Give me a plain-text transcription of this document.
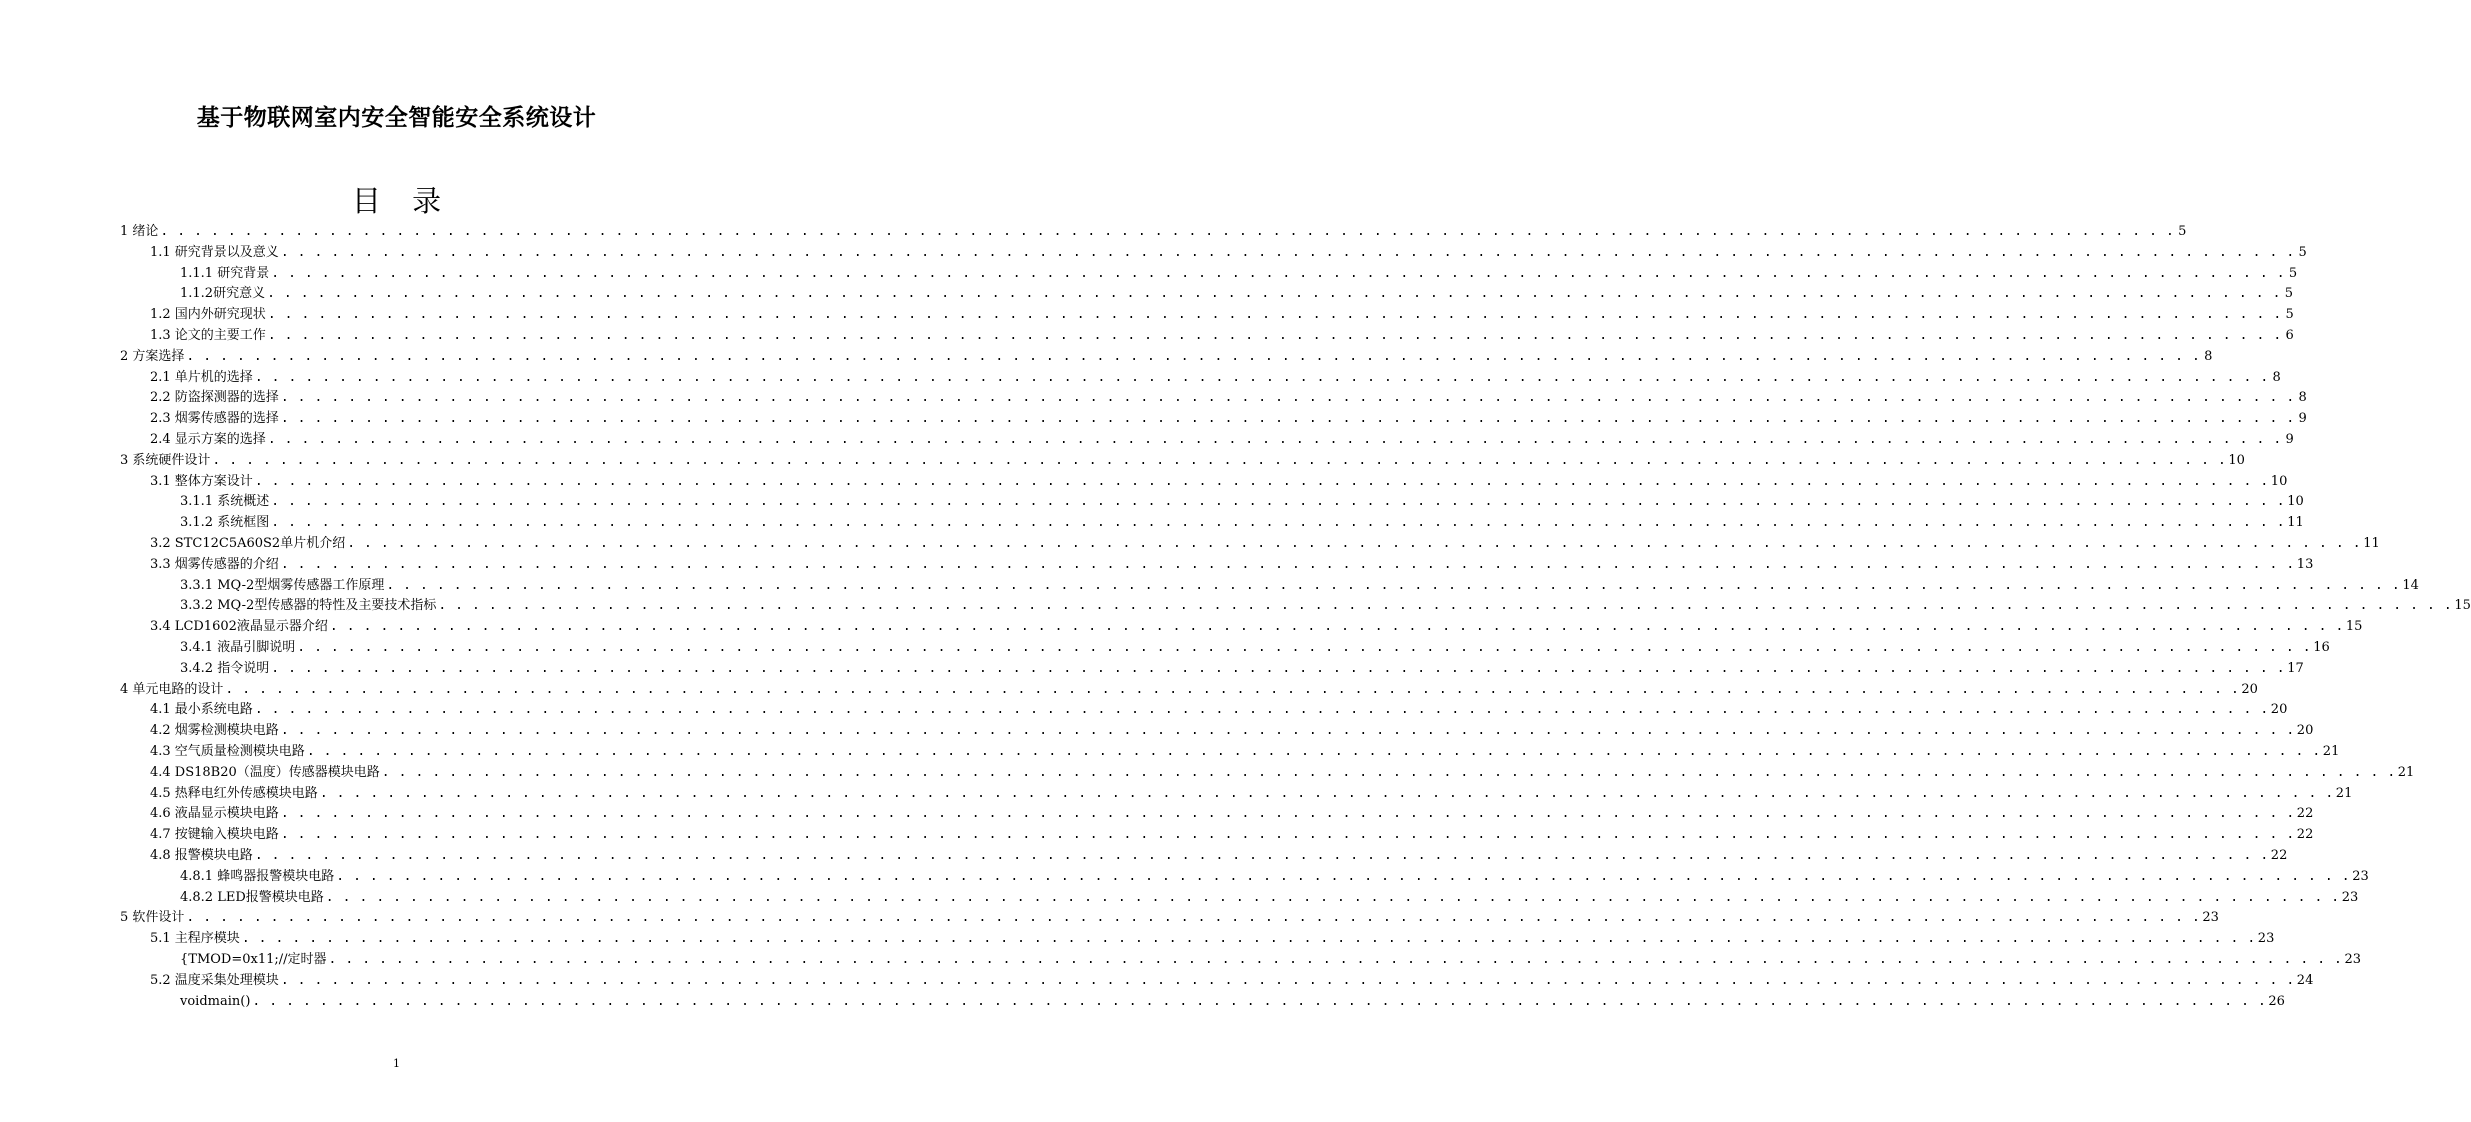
基于物联网室内安全智能安全系统设计
目 录
1 绪论 . . . . . . . . . . . . . . . . . . . . . . . . . . . . . . . . . . . . . . . . . . . . . . . . . . . . . . . . . . . . . . . . . . . . . . . . . . . . . . . . . . . . . . . . . . . . . . . . . . . . . . . . . . . . . . . . . . . . . . . . 5
1.1 研究背景以及意义 . . . . . . . . . . . . . . . . . . . . . . . . . . . . . . . . . . . . . . . . . . . . . . . . . . . . . . . . . . . . . . . . . . . . . . . . . . . . . . . . . . . . . . . . . . . . . . . . . . . . . . . . . . . . . . . . . . . . . . . . 5
1.1.1 研究背景 . . . . . . . . . . . . . . . . . . . . . . . . . . . . . . . . . . . . . . . . . . . . . . . . . . . . . . . . . . . . . . . . . . . . . . . . . . . . . . . . . . . . . . . . . . . . . . . . . . . . . . . . . . . . . . . . . . . . . . . . 5
1.1.2研究意义 . . . . . . . . . . . . . . . . . . . . . . . . . . . . . . . . . . . . . . . . . . . . . . . . . . . . . . . . . . . . . . . . . . . . . . . . . . . . . . . . . . . . . . . . . . . . . . . . . . . . . . . . . . . . . . . . . . . . . . . . 5
1.2 国内外研究现状 . . . . . . . . . . . . . . . . . . . . . . . . . . . . . . . . . . . . . . . . . . . . . . . . . . . . . . . . . . . . . . . . . . . . . . . . . . . . . . . . . . . . . . . . . . . . . . . . . . . . . . . . . . . . . . . . . . . . . . . . 5
1.3 论文的主要工作 . . . . . . . . . . . . . . . . . . . . . . . . . . . . . . . . . . . . . . . . . . . . . . . . . . . . . . . . . . . . . . . . . . . . . . . . . . . . . . . . . . . . . . . . . . . . . . . . . . . . . . . . . . . . . . . . . . . . . . . . 6
2 方案选择 . . . . . . . . . . . . . . . . . . . . . . . . . . . . . . . . . . . . . . . . . . . . . . . . . . . . . . . . . . . . . . . . . . . . . . . . . . . . . . . . . . . . . . . . . . . . . . . . . . . . . . . . . . . . . . . . . . . . . . . . 8
2.1 单片机的选择 . . . . . . . . . . . . . . . . . . . . . . . . . . . . . . . . . . . . . . . . . . . . . . . . . . . . . . . . . . . . . . . . . . . . . . . . . . . . . . . . . . . . . . . . . . . . . . . . . . . . . . . . . . . . . . . . . . . . . . . . 8
2.2 防盗探测器的选择 . . . . . . . . . . . . . . . . . . . . . . . . . . . . . . . . . . . . . . . . . . . . . . . . . . . . . . . . . . . . . . . . . . . . . . . . . . . . . . . . . . . . . . . . . . . . . . . . . . . . . . . . . . . . . . . . . . . . . . . . 8
2.3 烟雾传感器的选择 . . . . . . . . . . . . . . . . . . . . . . . . . . . . . . . . . . . . . . . . . . . . . . . . . . . . . . . . . . . . . . . . . . . . . . . . . . . . . . . . . . . . . . . . . . . . . . . . . . . . . . . . . . . . . . . . . . . . . . . . 9
2.4 显示方案的选择 . . . . . . . . . . . . . . . . . . . . . . . . . . . . . . . . . . . . . . . . . . . . . . . . . . . . . . . . . . . . . . . . . . . . . . . . . . . . . . . . . . . . . . . . . . . . . . . . . . . . . . . . . . . . . . . . . . . . . . . . 9
3 系统硬件设计 . . . . . . . . . . . . . . . . . . . . . . . . . . . . . . . . . . . . . . . . . . . . . . . . . . . . . . . . . . . . . . . . . . . . . . . . . . . . . . . . . . . . . . . . . . . . . . . . . . . . . . . . . . . . . . . . . . . . . . . . 10
3.1 整体方案设计 . . . . . . . . . . . . . . . . . . . . . . . . . . . . . . . . . . . . . . . . . . . . . . . . . . . . . . . . . . . . . . . . . . . . . . . . . . . . . . . . . . . . . . . . . . . . . . . . . . . . . . . . . . . . . . . . . . . . . . . . 10
3.1.1 系统概述 . . . . . . . . . . . . . . . . . . . . . . . . . . . . . . . . . . . . . . . . . . . . . . . . . . . . . . . . . . . . . . . . . . . . . . . . . . . . . . . . . . . . . . . . . . . . . . . . . . . . . . . . . . . . . . . . . . . . . . . . 10
3.1.2 系统框图 . . . . . . . . . . . . . . . . . . . . . . . . . . . . . . . . . . . . . . . . . . . . . . . . . . . . . . . . . . . . . . . . . . . . . . . . . . . . . . . . . . . . . . . . . . . . . . . . . . . . . . . . . . . . . . . . . . . . . . . . 11
3.2 STC12C5A60S2单片机介绍 . . . . . . . . . . . . . . . . . . . . . . . . . . . . . . . . . . . . . . . . . . . . . . . . . . . . . . . . . . . . . . . . . . . . . . . . . . . . . . . . . . . . . . . . . . . . . . . . . . . . . . . . . . . . . . . . . . . . . . . . 11
3.3 烟雾传感器的介绍 . . . . . . . . . . . . . . . . . . . . . . . . . . . . . . . . . . . . . . . . . . . . . . . . . . . . . . . . . . . . . . . . . . . . . . . . . . . . . . . . . . . . . . . . . . . . . . . . . . . . . . . . . . . . . . . . . . . . . . . . 13
3.3.1 MQ-2型烟雾传感器工作原理 . . . . . . . . . . . . . . . . . . . . . . . . . . . . . . . . . . . . . . . . . . . . . . . . . . . . . . . . . . . . . . . . . . . . . . . . . . . . . . . . . . . . . . . . . . . . . . . . . . . . . . . . . . . . . . . . . . . . . . . . 14
3.3.2 MQ-2型传感器的特性及主要技术指标 . . . . . . . . . . . . . . . . . . . . . . . . . . . . . . . . . . . . . . . . . . . . . . . . . . . . . . . . . . . . . . . . . . . . . . . . . . . . . . . . . . . . . . . . . . . . . . . . . . . . . . . . . . . . . . . . . . . . . . . . 15
3.4 LCD1602液晶显示器介绍 . . . . . . . . . . . . . . . . . . . . . . . . . . . . . . . . . . . . . . . . . . . . . . . . . . . . . . . . . . . . . . . . . . . . . . . . . . . . . . . . . . . . . . . . . . . . . . . . . . . . . . . . . . . . . . . . . . . . . . . . 15
3.4.1 液晶引脚说明 . . . . . . . . . . . . . . . . . . . . . . . . . . . . . . . . . . . . . . . . . . . . . . . . . . . . . . . . . . . . . . . . . . . . . . . . . . . . . . . . . . . . . . . . . . . . . . . . . . . . . . . . . . . . . . . . . . . . . . . . 16
3.4.2 指令说明 . . . . . . . . . . . . . . . . . . . . . . . . . . . . . . . . . . . . . . . . . . . . . . . . . . . . . . . . . . . . . . . . . . . . . . . . . . . . . . . . . . . . . . . . . . . . . . . . . . . . . . . . . . . . . . . . . . . . . . . . 17
4 单元电路的设计 . . . . . . . . . . . . . . . . . . . . . . . . . . . . . . . . . . . . . . . . . . . . . . . . . . . . . . . . . . . . . . . . . . . . . . . . . . . . . . . . . . . . . . . . . . . . . . . . . . . . . . . . . . . . . . . . . . . . . . . . 20
4.1 最小系统电路 . . . . . . . . . . . . . . . . . . . . . . . . . . . . . . . . . . . . . . . . . . . . . . . . . . . . . . . . . . . . . . . . . . . . . . . . . . . . . . . . . . . . . . . . . . . . . . . . . . . . . . . . . . . . . . . . . . . . . . . . 20
4.2 烟雾检测模块电路 . . . . . . . . . . . . . . . . . . . . . . . . . . . . . . . . . . . . . . . . . . . . . . . . . . . . . . . . . . . . . . . . . . . . . . . . . . . . . . . . . . . . . . . . . . . . . . . . . . . . . . . . . . . . . . . . . . . . . . . . 20
4.3 空气质量检测模块电路 . . . . . . . . . . . . . . . . . . . . . . . . . . . . . . . . . . . . . . . . . . . . . . . . . . . . . . . . . . . . . . . . . . . . . . . . . . . . . . . . . . . . . . . . . . . . . . . . . . . . . . . . . . . . . . . . . . . . . . . . 21
4.4 DS18B20（温度）传感器模块电路 . . . . . . . . . . . . . . . . . . . . . . . . . . . . . . . . . . . . . . . . . . . . . . . . . . . . . . . . . . . . . . . . . . . . . . . . . . . . . . . . . . . . . . . . . . . . . . . . . . . . . . . . . . . . . . . . . . . . . . . . 21
4.5 热释电红外传感模块电路 . . . . . . . . . . . . . . . . . . . . . . . . . . . . . . . . . . . . . . . . . . . . . . . . . . . . . . . . . . . . . . . . . . . . . . . . . . . . . . . . . . . . . . . . . . . . . . . . . . . . . . . . . . . . . . . . . . . . . . . . 21
4.6 液晶显示模块电路 . . . . . . . . . . . . . . . . . . . . . . . . . . . . . . . . . . . . . . . . . . . . . . . . . . . . . . . . . . . . . . . . . . . . . . . . . . . . . . . . . . . . . . . . . . . . . . . . . . . . . . . . . . . . . . . . . . . . . . . . 22
4.7 按键输入模块电路 . . . . . . . . . . . . . . . . . . . . . . . . . . . . . . . . . . . . . . . . . . . . . . . . . . . . . . . . . . . . . . . . . . . . . . . . . . . . . . . . . . . . . . . . . . . . . . . . . . . . . . . . . . . . . . . . . . . . . . . . 22
4.8 报警模块电路 . . . . . . . . . . . . . . . . . . . . . . . . . . . . . . . . . . . . . . . . . . . . . . . . . . . . . . . . . . . . . . . . . . . . . . . . . . . . . . . . . . . . . . . . . . . . . . . . . . . . . . . . . . . . . . . . . . . . . . . . 22
4.8.1 蜂鸣器报警模块电路 . . . . . . . . . . . . . . . . . . . . . . . . . . . . . . . . . . . . . . . . . . . . . . . . . . . . . . . . . . . . . . . . . . . . . . . . . . . . . . . . . . . . . . . . . . . . . . . . . . . . . . . . . . . . . . . . . . . . . . . . 23
4.8.2 LED报警模块电路 . . . . . . . . . . . . . . . . . . . . . . . . . . . . . . . . . . . . . . . . . . . . . . . . . . . . . . . . . . . . . . . . . . . . . . . . . . . . . . . . . . . . . . . . . . . . . . . . . . . . . . . . . . . . . . . . . . . . . . . . 23
5 软件设计 . . . . . . . . . . . . . . . . . . . . . . . . . . . . . . . . . . . . . . . . . . . . . . . . . . . . . . . . . . . . . . . . . . . . . . . . . . . . . . . . . . . . . . . . . . . . . . . . . . . . . . . . . . . . . . . . . . . . . . . . 23
5.1 主程序模块 . . . . . . . . . . . . . . . . . . . . . . . . . . . . . . . . . . . . . . . . . . . . . . . . . . . . . . . . . . . . . . . . . . . . . . . . . . . . . . . . . . . . . . . . . . . . . . . . . . . . . . . . . . . . . . . . . . . . . . . . 23
{TMOD=0x11;//定时器 . . . . . . . . . . . . . . . . . . . . . . . . . . . . . . . . . . . . . . . . . . . . . . . . . . . . . . . . . . . . . . . . . . . . . . . . . . . . . . . . . . . . . . . . . . . . . . . . . . . . . . . . . . . . . . . . . . . . . . . . 23
5.2 温度采集处理模块 . . . . . . . . . . . . . . . . . . . . . . . . . . . . . . . . . . . . . . . . . . . . . . . . . . . . . . . . . . . . . . . . . . . . . . . . . . . . . . . . . . . . . . . . . . . . . . . . . . . . . . . . . . . . . . . . . . . . . . . . 24
voidmain() . . . . . . . . . . . . . . . . . . . . . . . . . . . . . . . . . . . . . . . . . . . . . . . . . . . . . . . . . . . . . . . . . . . . . . . . . . . . . . . . . . . . . . . . . . . . . . . . . . . . . . . . . . . . . . . . . . . . . . . . 26
1
